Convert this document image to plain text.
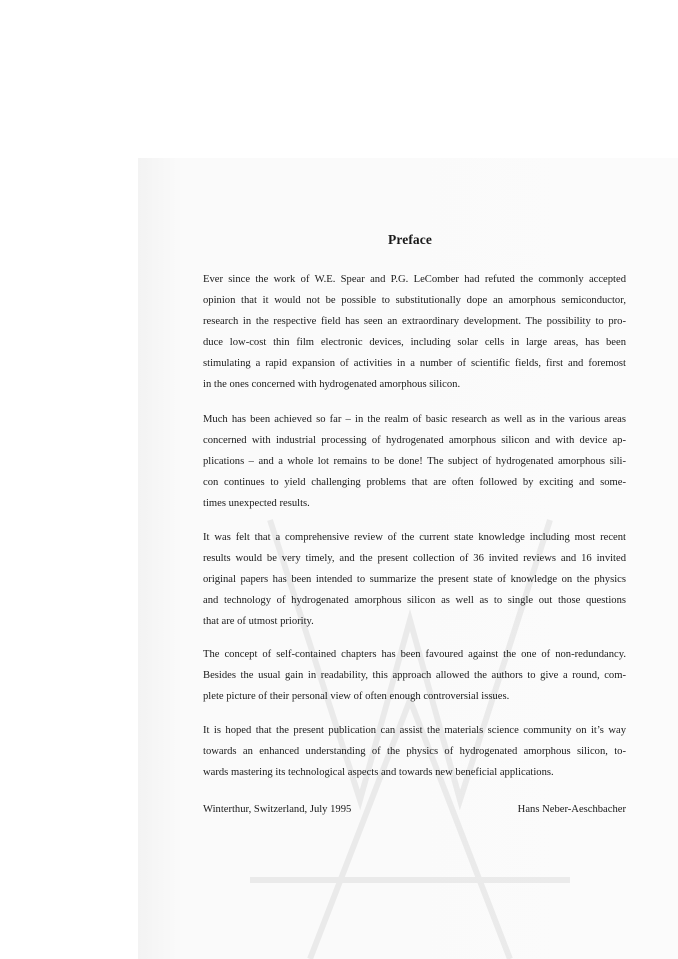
Preface
Ever since the work of W.E. Spear and P.G. LeComber had refuted the commonly accepted
opinion that it would not be possible to substitutionally dope an amorphous semiconductor,
research in the respective field has seen an extraordinary development. The possibility to pro-
duce low-cost thin film electronic devices, including solar cells in large areas, has been
stimulating a rapid expansion of activities in a number of scientific fields, first and foremost
in the ones concerned with hydrogenated amorphous silicon.
Much has been achieved so far – in the realm of basic research as well as in the various areas
concerned with industrial processing of hydrogenated amorphous silicon and with device ap-
plications – and a whole lot remains to be done! The subject of hydrogenated amorphous sili-
con continues to yield challenging problems that are often followed by exciting and some-
times unexpected results.
It was felt that a comprehensive review of the current state knowledge including most recent
results would be very timely, and the present collection of 36 invited reviews and 16 invited
original papers has been intended to summarize the present state of knowledge on the physics
and technology of hydrogenated amorphous silicon as well as to single out those questions
that are of utmost priority.
The concept of self-contained chapters has been favoured against the one of non-redundancy.
Besides the usual gain in readability, this approach allowed the authors to give a round, com-
plete picture of their personal view of often enough controversial issues.
It is hoped that the present publication can assist the materials science community on it’s way
towards an enhanced understanding of the physics of hydrogenated amorphous silicon, to-
wards mastering its technological aspects and towards new beneficial applications.
Winterthur, Switzerland, July 1995	Hans Neber-Aeschbacher
